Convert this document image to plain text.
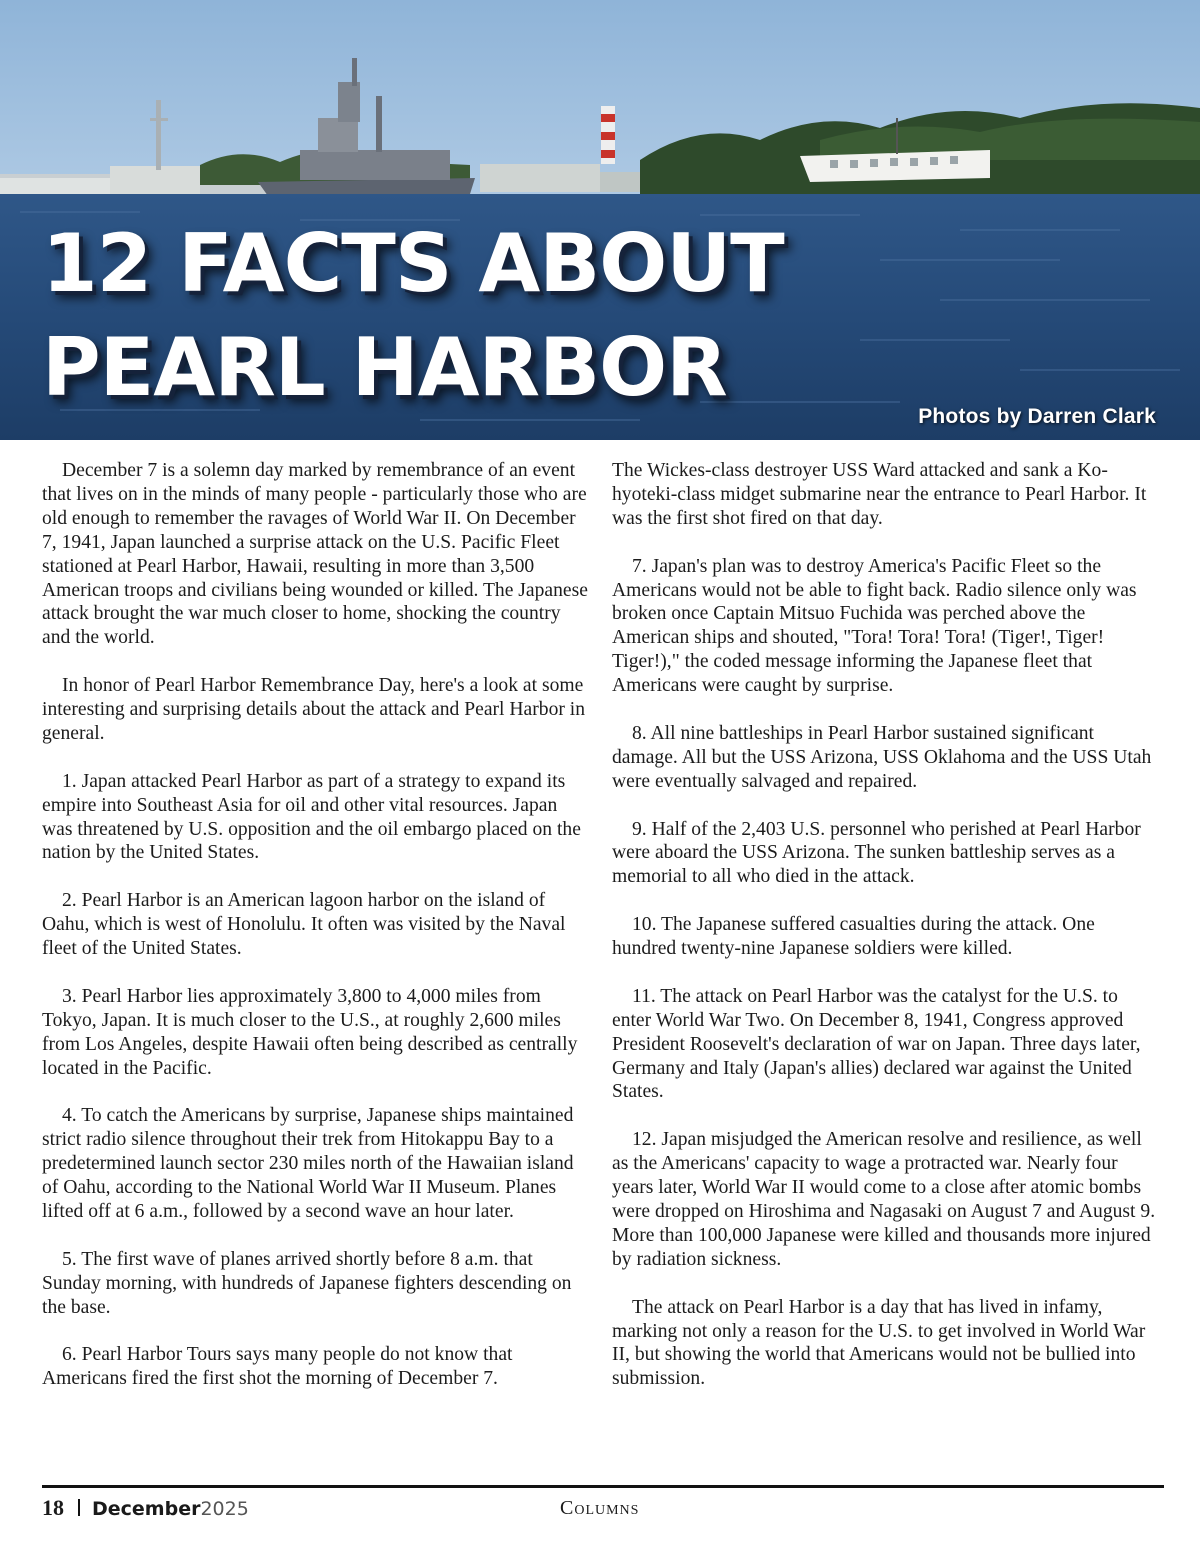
12 FACTS ABOUT
PEARL HARBOR
Photos by Darren Clark

December 7 is a solemn day marked by remembrance of an event that lives on in the minds of many people - particularly those who are old enough to remember the ravages of World War II. On December 7, 1941, Japan launched a surprise attack on the U.S. Pacific Fleet stationed at Pearl Harbor, Hawaii, resulting in more than 3,500 American troops and civilians being wounded or killed. The Japanese attack brought the war much closer to home, shocking the country and the world.

In honor of Pearl Harbor Remembrance Day, here's a look at some interesting and surprising details about the attack and Pearl Harbor in general.

1. Japan attacked Pearl Harbor as part of a strategy to expand its empire into Southeast Asia for oil and other vital resources. Japan was threatened by U.S. opposition and the oil embargo placed on the nation by the United States.

2. Pearl Harbor is an American lagoon harbor on the island of Oahu, which is west of Honolulu. It often was visited by the Naval fleet of the United States.

3. Pearl Harbor lies approximately 3,800 to 4,000 miles from Tokyo, Japan. It is much closer to the U.S., at roughly 2,600 miles from Los Angeles, despite Hawaii often being described as centrally located in the Pacific.

4. To catch the Americans by surprise, Japanese ships maintained strict radio silence throughout their trek from Hitokappu Bay to a predetermined launch sector 230 miles north of the Hawaiian island of Oahu, according to the National World War II Museum. Planes lifted off at 6 a.m., followed by a second wave an hour later.

5. The first wave of planes arrived shortly before 8 a.m. that Sunday morning, with hundreds of Japanese fighters descending on the base.

6. Pearl Harbor Tours says many people do not know that Americans fired the first shot the morning of December 7.

The Wickes-class destroyer USS Ward attacked and sank a Ko-hyoteki-class midget submarine near the entrance to Pearl Harbor. It was the first shot fired on that day.

7. Japan's plan was to destroy America's Pacific Fleet so the Americans would not be able to fight back. Radio silence only was broken once Captain Mitsuo Fuchida was perched above the American ships and shouted, "Tora! Tora! Tora! (Tiger!, Tiger! Tiger!)," the coded message informing the Japanese fleet that Americans were caught by surprise.

8. All nine battleships in Pearl Harbor sustained significant damage. All but the USS Arizona, USS Oklahoma and the USS Utah were eventually salvaged and repaired.

9. Half of the 2,403 U.S. personnel who perished at Pearl Harbor were aboard the USS Arizona. The sunken battleship serves as a memorial to all who died in the attack.

10. The Japanese suffered casualties during the attack. One hundred twenty-nine Japanese soldiers were killed.

11. The attack on Pearl Harbor was the catalyst for the U.S. to enter World War Two. On December 8, 1941, Congress approved President Roosevelt's declaration of war on Japan. Three days later, Germany and Italy (Japan's allies) declared war against the United States.

12. Japan misjudged the American resolve and resilience, as well as the Americans' capacity to wage a protracted war. Nearly four years later, World War II would come to a close after atomic bombs were dropped on Hiroshima and Nagasaki on August 7 and August 9. More than 100,000 Japanese were killed and thousands more injured by radiation sickness.

The attack on Pearl Harbor is a day that has lived in infamy, marking not only a reason for the U.S. to get involved in World War II, but showing the world that Americans would not be bullied into submission.

18 December2025	Columns
